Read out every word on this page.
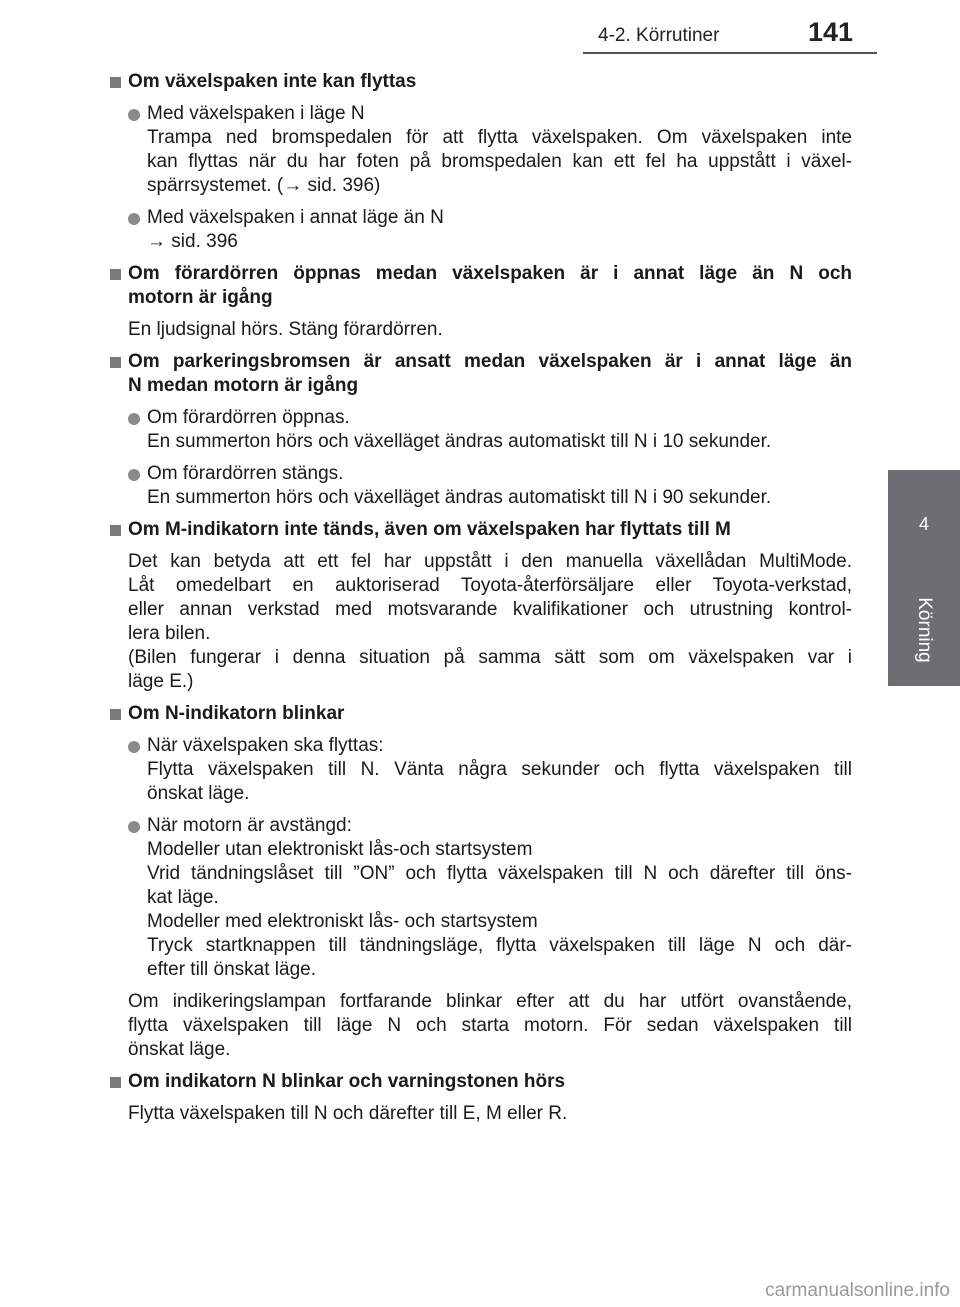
4-2. Körrutiner	141
4
Körning
Om växelspaken inte kan flyttas
Med växelspaken i läge N
Trampa ned bromspedalen för att flytta växelspaken. Om växelspaken inte
kan flyttas när du har foten på bromspedalen kan ett fel ha uppstått i växel-
spärrsystemet. (→ sid. 396)
Med växelspaken i annat läge än N
→ sid. 396
Om förardörren öppnas medan växelspaken är i annat läge än N och
motorn är igång
En ljudsignal hörs. Stäng förardörren.
Om parkeringsbromsen är ansatt medan växelspaken är i annat läge än
N medan motorn är igång
Om förardörren öppnas.
En summerton hörs och växelläget ändras automatiskt till N i 10 sekunder.
Om förardörren stängs.
En summerton hörs och växelläget ändras automatiskt till N i 90 sekunder.
Om M-indikatorn inte tänds, även om växelspaken har flyttats till M
Det kan betyda att ett fel har uppstått i den manuella växellådan MultiMode.
Låt omedelbart en auktoriserad Toyota-återförsäljare eller Toyota-verkstad,
eller annan verkstad med motsvarande kvalifikationer och utrustning kontrol-
lera bilen.
(Bilen fungerar i denna situation på samma sätt som om växelspaken var i
läge E.)
Om N-indikatorn blinkar
När växelspaken ska flyttas:
Flytta växelspaken till N. Vänta några sekunder och flytta växelspaken till
önskat läge.
När motorn är avstängd:
Modeller utan elektroniskt lås-och startsystem
Vrid tändningslåset till ”ON” och flytta växelspaken till N och därefter till öns-
kat läge.
Modeller med elektroniskt lås- och startsystem
Tryck startknappen till tändningsläge, flytta växelspaken till läge N och där-
efter till önskat läge.
Om indikeringslampan fortfarande blinkar efter att du har utfört ovanstående,
flytta växelspaken till läge N och starta motorn. För sedan växelspaken till
önskat läge.
Om indikatorn N blinkar och varningstonen hörs
Flytta växelspaken till N och därefter till E, M eller R.
carmanualsonline.info
